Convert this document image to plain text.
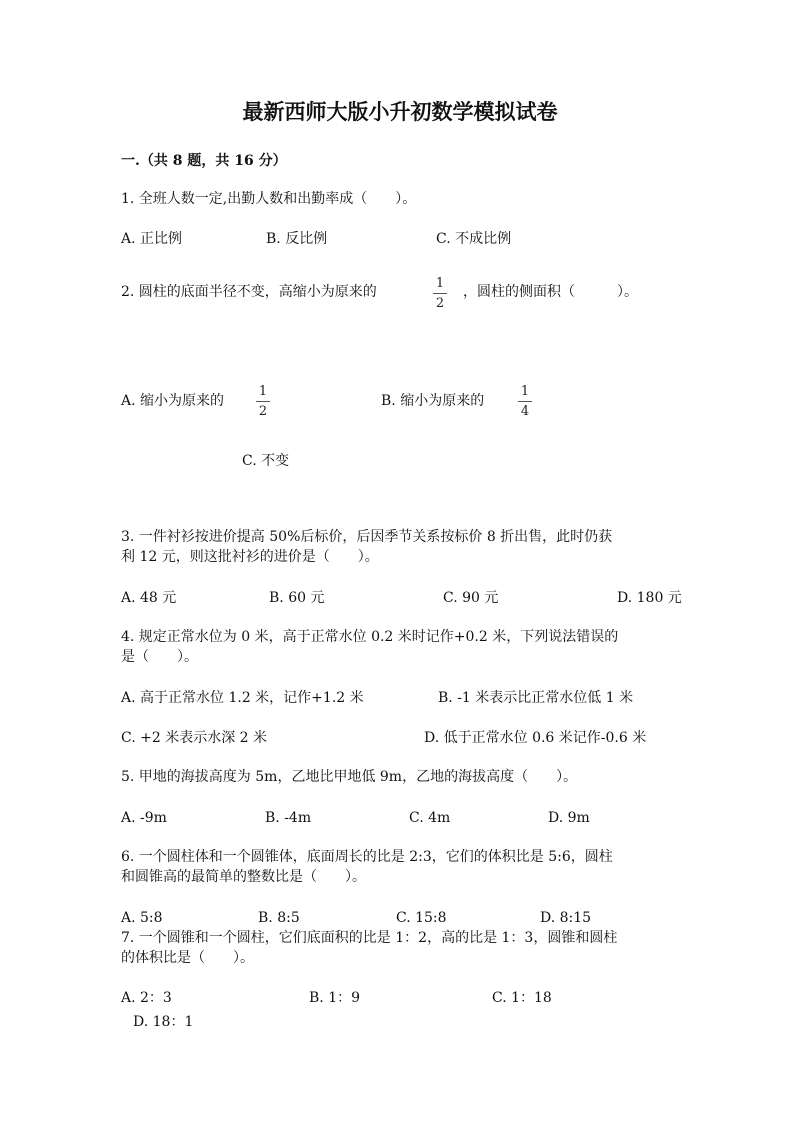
最新西师大版小升初数学模拟试卷
一.（共 8 题，共 16 分）
1. 全班人数一定,出勤人数和出勤率成（　　）。
A. 正比例	B. 反比例	C. 不成比例
2. 圆柱的底面半径不变，高缩小为原来的
1
2
，圆柱的侧面积（　　　）。
A. 缩小为原来的
1
2
B. 缩小为原来的
1
4
C. 不变
3. 一件衬衫按进价提高 50%后标价，后因季节关系按标价 8 折出售，此时仍获
利 12 元，则这批衬衫的进价是（　　）。
A. 48 元	B. 60 元	C. 90 元	D. 180 元
4. 规定正常水位为 0 米，高于正常水位 0.2 米时记作+0.2 米，下列说法错误的
是（　　）。
A. 高于正常水位 1.2 米，记作+1.2 米	B. -1 米表示比正常水位低 1 米
C. +2 米表示水深 2 米	D. 低于正常水位 0.6 米记作-0.6 米
5. 甲地的海拔高度为 5m，乙地比甲地低 9m，乙地的海拔高度（　　）。
A. -9m	B. -4m	C. 4m	D. 9m
6. 一个圆柱体和一个圆锥体，底面周长的比是 2:3，它们的体积比是 5:6，圆柱
和圆锥高的最简单的整数比是（　　）。
A. 5:8	B. 8:5	C. 15:8	D. 8:15
7. 一个圆锥和一个圆柱，它们底面积的比是 1：2，高的比是 1：3，圆锥和圆柱
的体积比是（　　）。
A. 2：3	B. 1：9	C. 1：18
D. 18：1
